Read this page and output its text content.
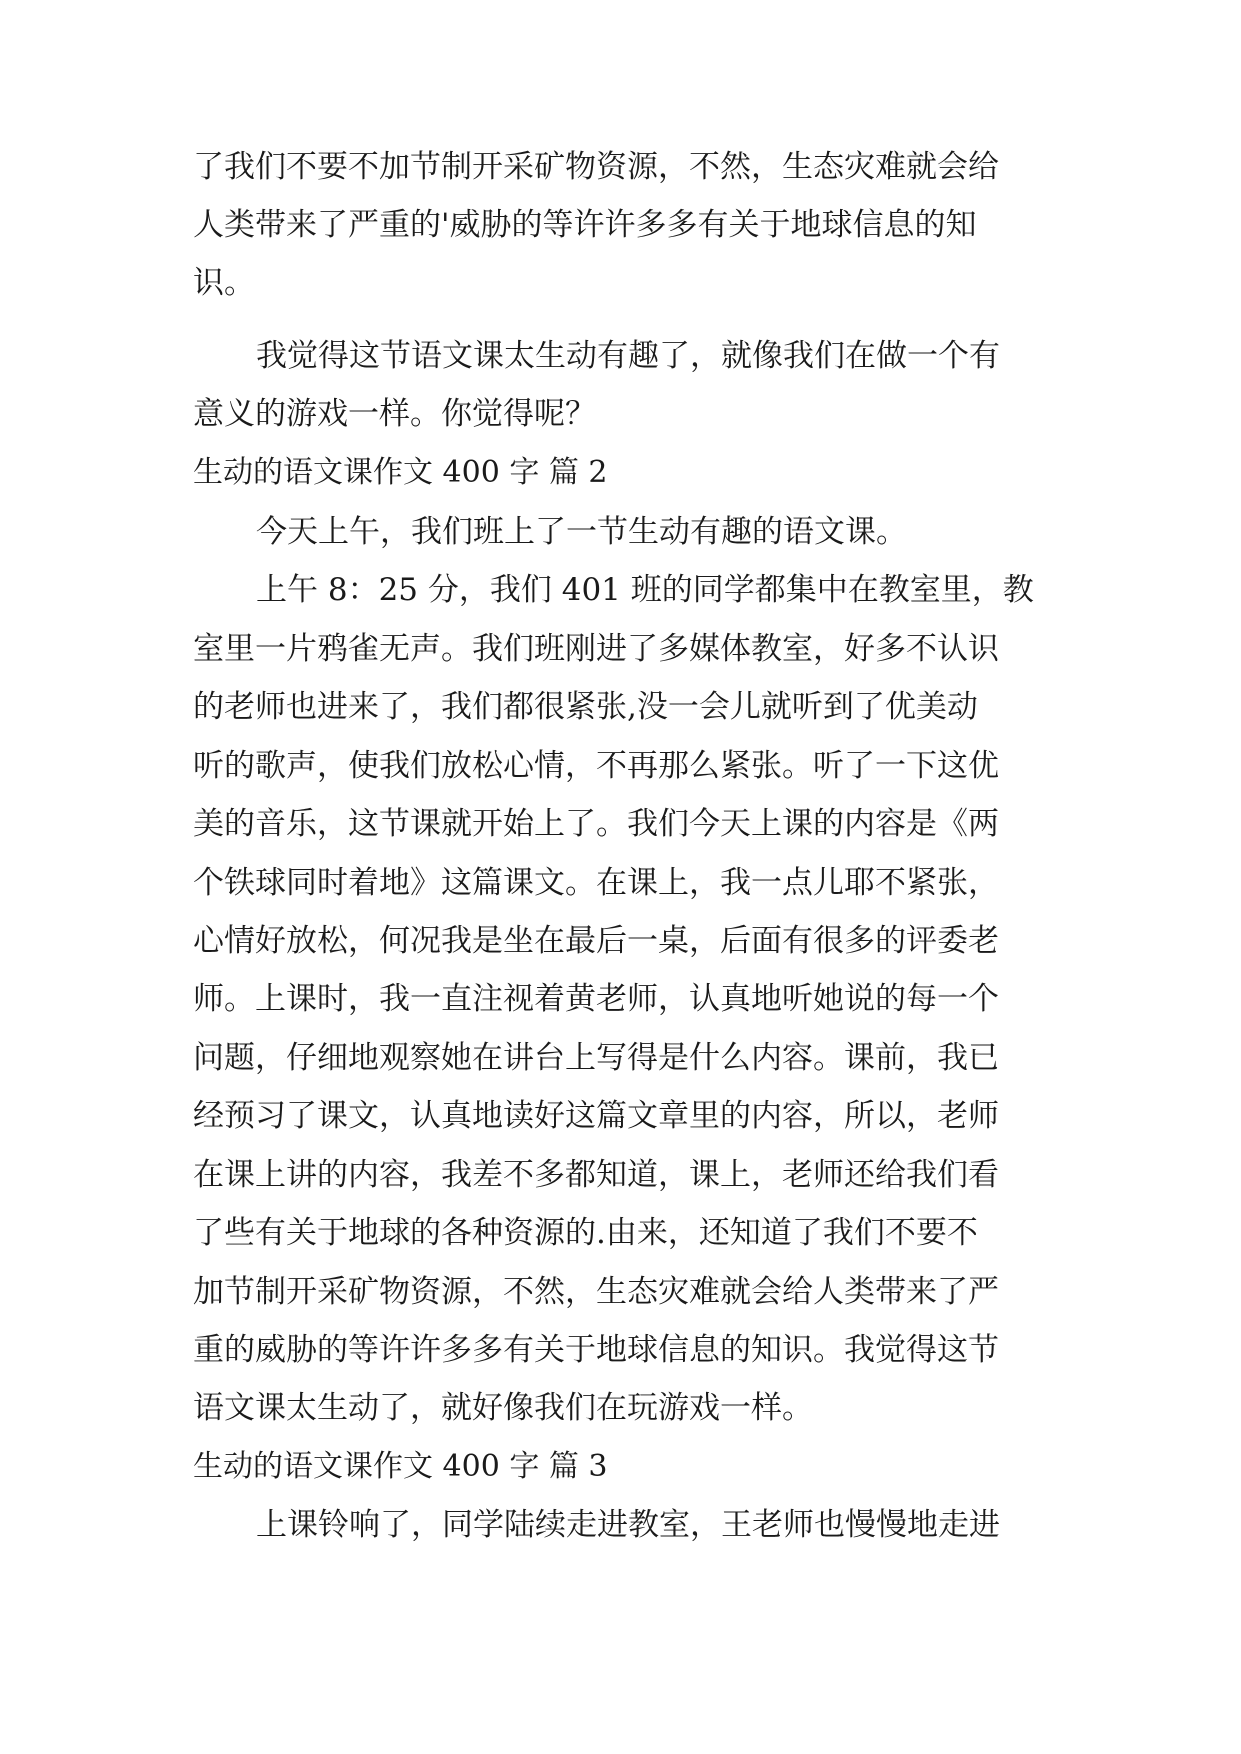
了我们不要不加节制开采矿物资源，不然，生态灾难就会给
人类带来了严重的'威胁的等许许多多有关于地球信息的知
识。
我觉得这节语文课太生动有趣了，就像我们在做一个有
意义的游戏一样。你觉得呢？
生动的语文课作文 400 字 篇 2
今天上午，我们班上了一节生动有趣的语文课。
上午 8：25 分，我们 401 班的同学都集中在教室里，教
室里一片鸦雀无声。我们班刚进了多媒体教室，好多不认识
的老师也进来了，我们都很紧张,没一会儿就听到了优美动
听的歌声，使我们放松心情，不再那么紧张。听了一下这优
美的音乐，这节课就开始上了。我们今天上课的内容是《两
个铁球同时着地》这篇课文。在课上，我一点儿耶不紧张，
心情好放松，何况我是坐在最后一桌，后面有很多的评委老
师。上课时，我一直注视着黄老师，认真地听她说的每一个
问题，仔细地观察她在讲台上写得是什么内容。课前，我已
经预习了课文，认真地读好这篇文章里的内容，所以，老师
在课上讲的内容，我差不多都知道，课上，老师还给我们看
了些有关于地球的各种资源的.由来，还知道了我们不要不
加节制开采矿物资源，不然，生态灾难就会给人类带来了严
重的威胁的等许许多多有关于地球信息的知识。我觉得这节
语文课太生动了，就好像我们在玩游戏一样。
生动的语文课作文 400 字 篇 3
上课铃响了，同学陆续走进教室，王老师也慢慢地走进
